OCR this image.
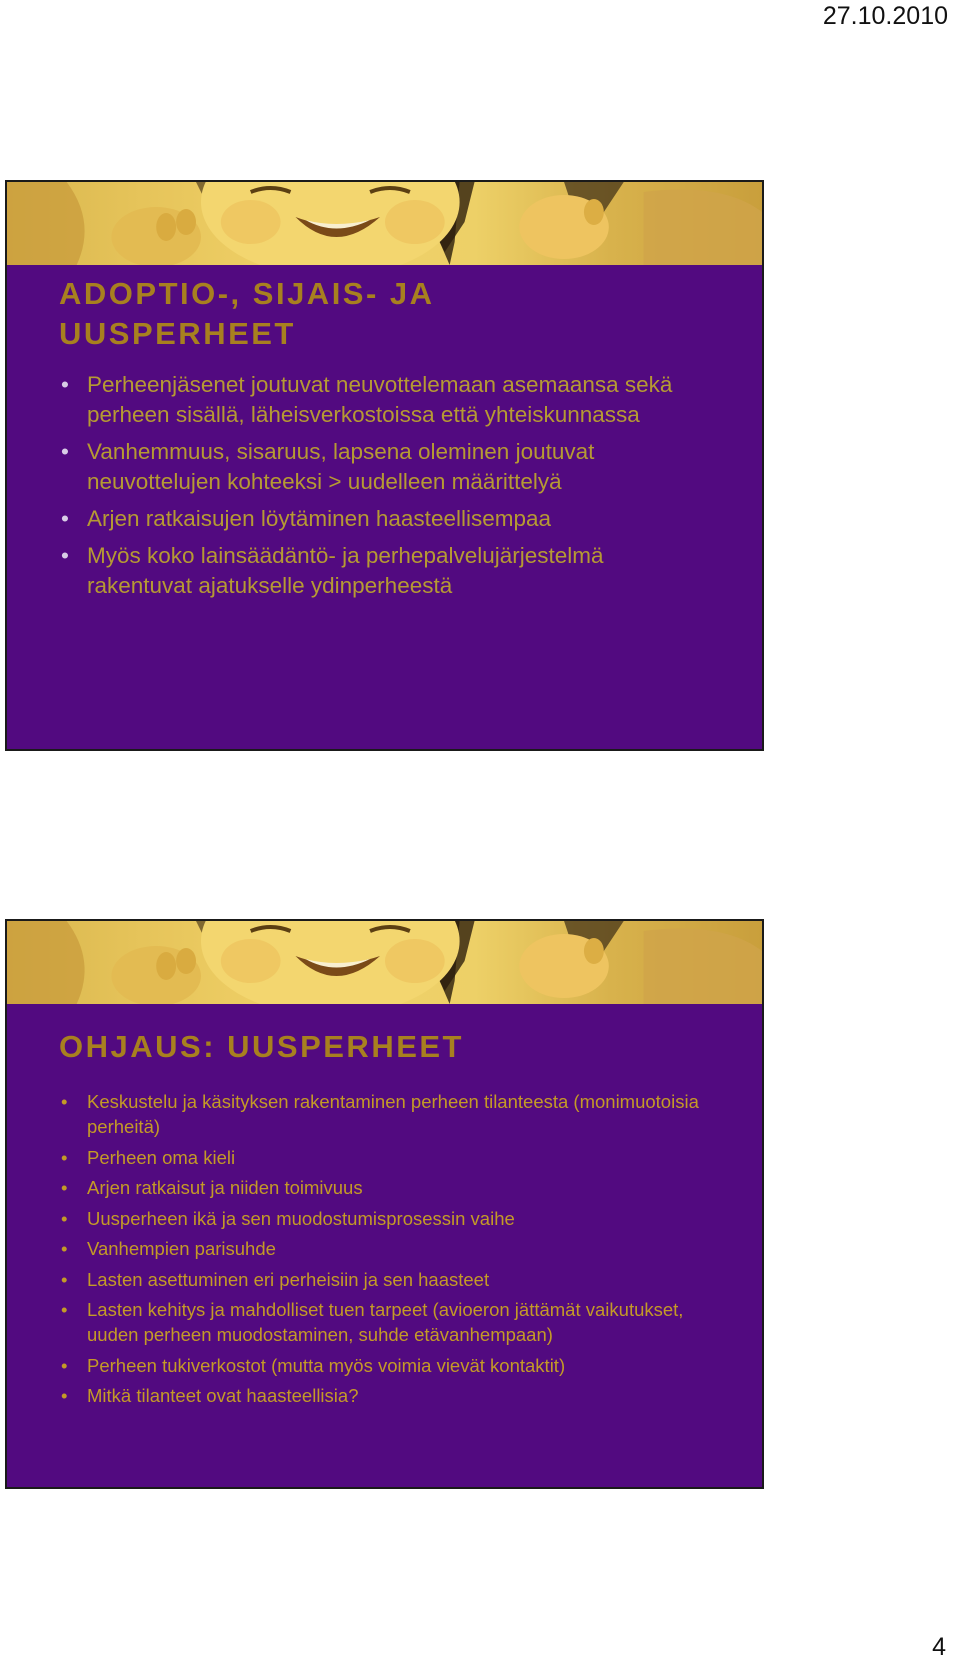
27.10.2010
ADOPTIO-, SIJAIS- JA UUSPERHEET
• Perheenjäsenet joutuvat neuvottelemaan asemaansa sekä perheen sisällä, läheisverkostoissa että yhteiskunnassa
• Vanhemmuus, sisaruus, lapsena oleminen joutuvat neuvottelujen kohteeksi > uudelleen määrittelyä
• Arjen ratkaisujen löytäminen haasteellisempaa
• Myös koko lainsäädäntö- ja perhepalvelujärjestelmä rakentuvat ajatukselle ydinperheestä
OHJAUS: UUSPERHEET
• Keskustelu ja käsityksen rakentaminen perheen tilanteesta (monimuotoisia perheitä)
• Perheen oma kieli
• Arjen ratkaisut ja niiden toimivuus
• Uusperheen ikä ja sen muodostumisprosessin vaihe
• Vanhempien parisuhde
• Lasten asettuminen eri perheisiin ja sen haasteet
• Lasten kehitys ja mahdolliset tuen tarpeet (avioeron jättämät vaikutukset, uuden perheen muodostaminen, suhde etävanhempaan)
• Perheen tukiverkostot (mutta myös voimia vievät kontaktit)
• Mitkä tilanteet ovat haasteellisia?
4
